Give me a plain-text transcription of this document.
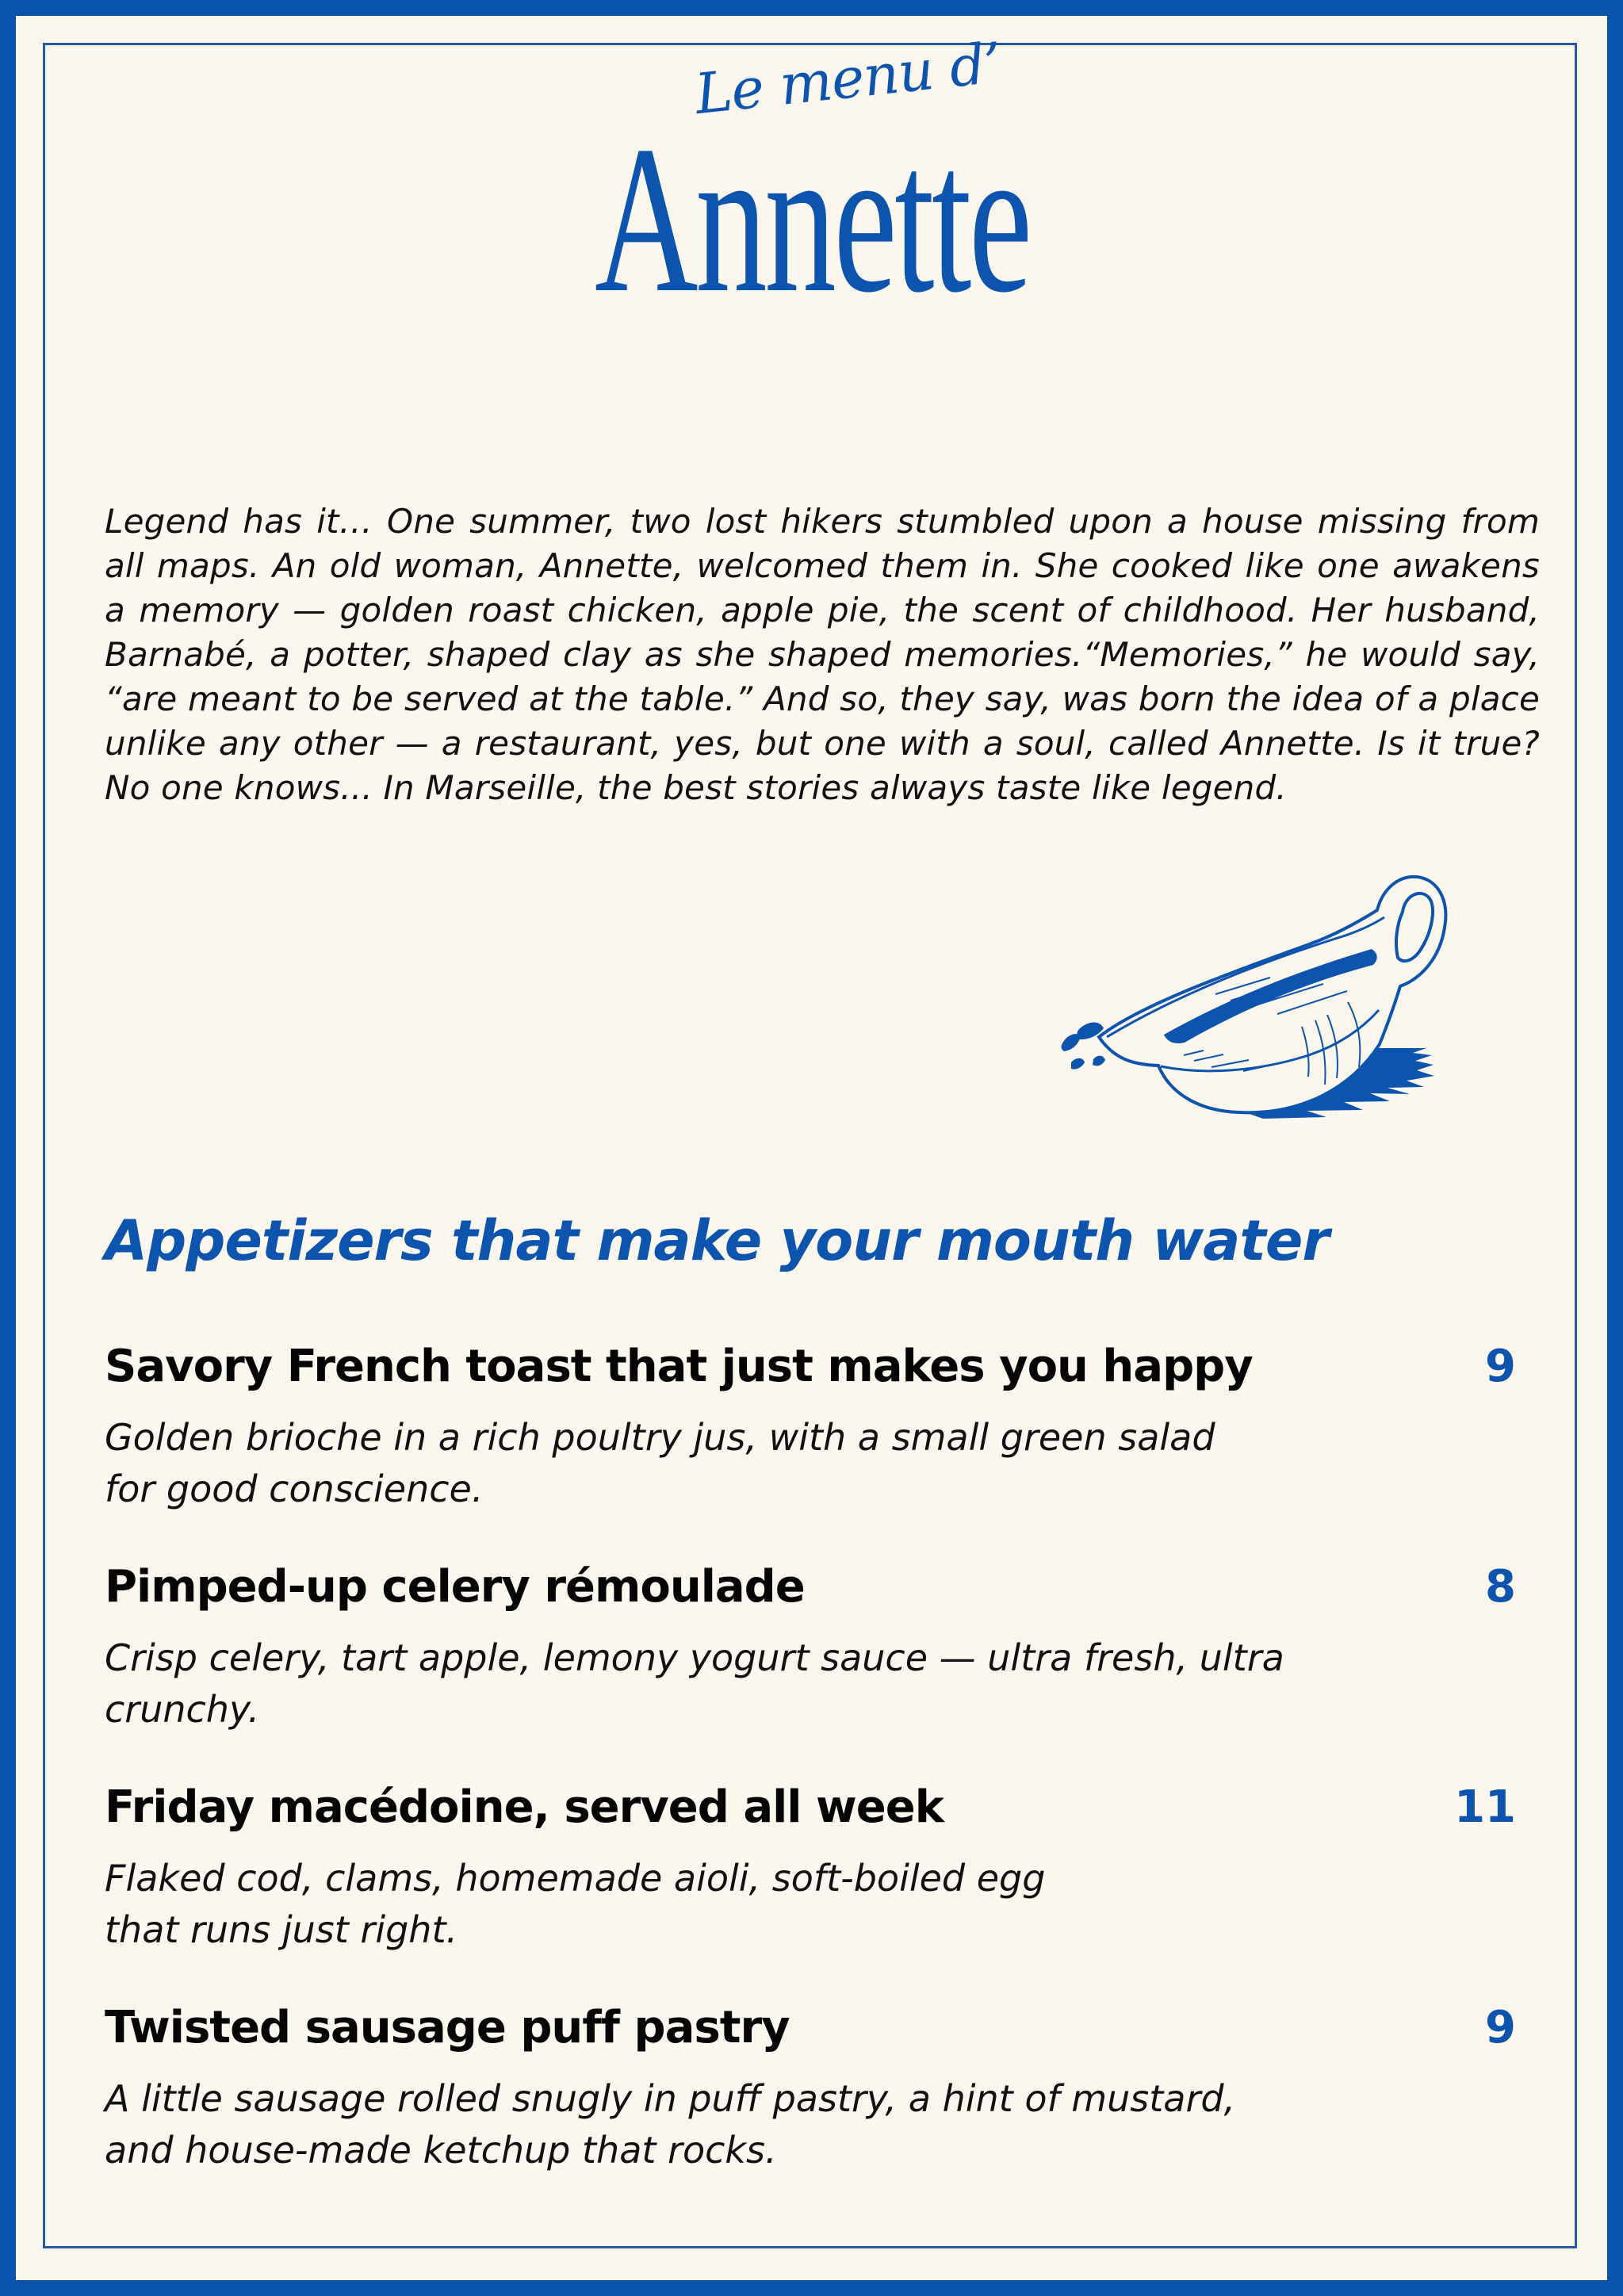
Le menu d’
Annette
Legend has it… One summer, two lost hikers stumbled upon a house missing from all maps. An old woman, Annette, welcomed them in. She cooked like one awakens a memory — golden roast chicken, apple pie, the scent of childhood. Her husband, Barnabé, a potter, shaped clay as she shaped memories.“Memories,” he would say, “are meant to be served at the table.” And so, they say, was born the idea of a place unlike any other — a restaurant, yes, but one with a soul, called Annette. Is it true? No one knows... In Marseille, the best stories always taste like legend.
Appetizers that make your mouth water
Savory French toast that just makes you happy
Golden brioche in a rich poultry jus, with a small green salad
for good conscience.
9
Pimped-up celery rémoulade
Crisp celery, tart apple, lemony yogurt sauce — ultra fresh, ultra
crunchy.
8
Friday macédoine, served all week
Flaked cod, clams, homemade aioli, soft-boiled egg
that runs just right.
11
Twisted sausage puff pastry
A little sausage rolled snugly in puff pastry, a hint of mustard,
and house-made ketchup that rocks.
9
